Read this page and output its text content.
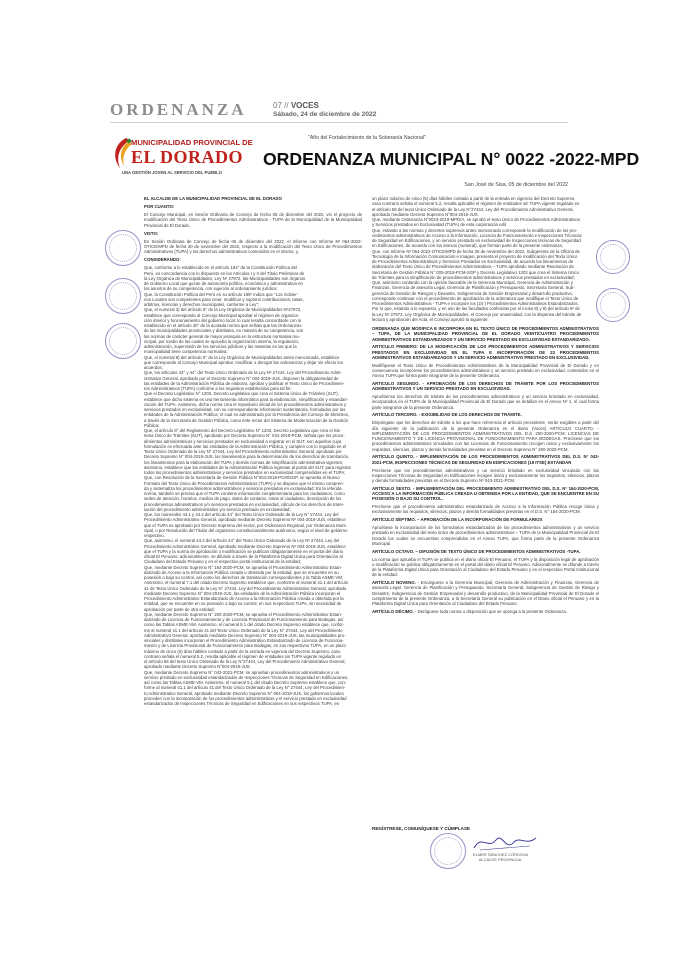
ORDENANZA	07 // VOCES
Sábado, 24 de diciembre de 2022
MUNICIPALIDAD PROVINCIAL DE
EL DORADO
UNA GESTIÓN JOVEN AL SERVICIO DEL PUEBLO
"Año del Fortalecimiento de la Soberanía Nacional"
ORDENANZA MUNICIPAL N° 0022 -2022-MPD
San José de Sisa, 05 de diciembre del 2022

EL ALCALDE DE LA MUNICIPALIDAD PROVINCIAL DE EL DORADO

POR CUANTO:

El Concejo Municipal, en Sesión Ordinaria de Concejo de fecha 05 de diciembre del 2022, vio el proyecto de modificación del Texto Único de Procedimientos Administrativos - TUPA de la Municipalidad de la Municipalidad Provincial de El Dorado.

VISTO:

En Sesión Ordinaria de Concejo de fecha 05 de diciembre del 2022, el Informe con Informe Nº 064-2022-OTICE/MPD de fecha 30 de noviembre del 2022, respecto a la modificación del Texto Único de Procedimientos Administrativos (TUPA) y los derechos administrativos contenidos en el mismo, y,

CONSIDERANDO:

Que, conforme a lo establecido en el artículo 194° de la Constitución Política del
Perú, en concordancia con lo dispuesto en los Artículos I y II del Título Preliminar de
la Ley Orgánica de Municipalidades, Ley Nº 27972, las Municipalidades son órganos
de Gobierno Local que gozan de autonomía política, económica y administrativa en
los asuntos de su competencia, con sujeción al ordenamiento jurídico;
Que, la Constitución Política del Perú en su artículo 195º indica que "Los Gobier-
nos Locales son competentes para crear, modificar y suprimir contribuciones, tasas,
arbitrios, licencias y derechos municipales, conforme a Ley";
Que, el numeral 3) del artículo 9° de la Ley Orgánica de Municipalidades Nº27972,
establece que corresponde al Concejo Municipal aprobar el régimen de organiza-
ción interior y funcionamiento del gobierno local; lo cual resulta concordante con lo
establecido en el artículo 40° de la acotada norma que señala que las Ordenanzas
de las municipalidades provinciales y distritales, en materia de su competencia, son
las normas de carácter general de mayor jerarquía en la estructura normativa mu-
nicipal, por medio de las cuales se aprueba la organización interna, la regulación,
administración, supervisión de los servicios públicos y las materias en las que la
municipalidad tiene competencia normativa;
Que, el numeral 8) del artículo 9° de la Ley Orgánica de Municipalidades antes mencionada, establece
que corresponde al Concejo Municipal aprobar, modificar o derogar las ordenanzas y dejar sin efecto los
acuerdos;
Que, los artículos 43° y 44° del Texto Único Ordenado de la Ley Nº 27444, Ley del Procedimiento Admi-
nistrativo General, aprobado por el Decreto Supremo N° 004-2019-JUS, disponen la obligatoriedad de
las entidades de la Administración Pública de elaborar, aprobar y publicar el Texto Único de Procedimien-
tos Administrativos (TUPA) conforme a los requisitos establecidos para tal fin;
Que el Decreto Legislativo N° 1203, Decreto Legislativo que crea el Sistema Único de Trámites (SUT),
establece que dicho sistema es una herramienta informática para la elaboración, simplificación y estandari-
zación del TUPA. Asimismo, dicha norma crea el repositorio oficial de los procedimientos administrativos y
servicios prestados en exclusividad, con su correspondiente información sustentatoria, formulados por las
entidades de la Administración Pública; el cual es administrado por la Presidencia del Consejo de Ministros,
a través de la Secretaría de Gestión Pública, como ente rector del Sistema de Modernización de la Gestión
Pública;
Que, el artículo 8° del Reglamento del Decreto Legislativo N° 1203, Decreto Legislativo que crea el Sis-
tema Único de Trámites (SUT), aprobado por Decreto Supremo N° 031-2018-PCM, señala que los proce-
dimientos administrativos y servicios prestados en exclusividad a registrar en el SUT, son aquellos cuya
formulación es efectuada ante las entidades de la Administración Pública, y cumplen con lo regulado en el
Texto Único Ordenado de la Ley N° 27444, Ley del Procedimiento Administrativo General, aprobado por
Decreto Supremo N° 004-2019-JUS, los lineamientos para la determinación de los derechos de tramitación,
los lineamientos para la elaboración del TUPA y demás normas de simplificación administrativa vigentes;
asimismo, establece que las entidades de la Administración Pública ingresan al portal del SUT, para registrar
todos los procedimientos administrativos y servicios prestados en exclusividad comprendidos en el TUPA;
Que, con Resolución de la Secretaría de Gestión Pública N°004-2018-PCM/SGP, se aprueba el Nuevo
Formato del Texto Único de Procedimientos Administrativos (TUPA) y se dispone que el mismo compren-
da y sistematiza los procedimientos administrativos y servicios prestados en exclusividad; En la referida
norma, también se precisa que el TUPA contiene información complementaria para los ciudadanos, como
sedes de atención, horarios, medios de pago, datos de contacto, notas al ciudadano, descripción de los
procedimientos administrativos y/o servicios prestados en exclusividad, cálculo de los derechos de trami-
tación del procedimiento administrativo y/o servicio prestado en exclusividad;
Que, los numerales 44.1 y 44.2 del artículo 44° del Texto Único Ordenado de la Ley N° 27444, Ley del
Procedimiento Administrativo General, aprobado mediante Decreto Supremo Nº 004-2019-JUS, establece
que el TUPA es aprobado por Decreto Supremo del sector, por Ordenanza Regional, por Ordenanza Muni-
cipal, o por Resolución del Titular del organismo constitucionalmente autónomo, según el nivel de gobierno
respectivo.
Que, asimismo, el numeral 44.3 del artículo 44° del Texto Único Ordenado de la Ley Nº 27444, Ley del
Procedimiento Administrativo General, aprobado mediante Decreto Supremo Nº 004-2019-JUS, establece
que el TUPA y la norma de aprobación o modificación se publican obligatoriamente en el portal del diario
oficial El Peruano; adicionalmente, se difunde a través de la Plataforma Digital Única para Orientación al
Ciudadano del Estado Peruano y en el respectivo portal institucional de la entidad;
Que, mediante Decreto Supremo N° 164-2020-PCM, se aprueba el Procedimiento Administrativo Estan-
darizado de Acceso a la Información Pública creada u obtenida por la entidad, que se encuentre en su
posesión o bajo su control, así como los derechos de tramitación correspondientes y la Tabla ASME-VM;
Asimismo, el numeral 7.1 del citado Decreto Supremo establece que, conforme al numeral 41.1 del artículo
41 de Texto Único Ordenado de la Ley N° 27444, Ley del Procedimiento Administrativo General, aprobado
mediante Decreto Supremo N° 004-2019-JUS, las entidades de la Administración Pública incorporan el
Procedimiento Administrativo Estandarizado de Acceso a la Información Pública creada u obtenida por la
entidad, que se encuentre en su posesión o bajo su control, en sus respectivos TUPA, sin necesidad de
aprobación por parte de otra entidad;
Que, mediante Decreto Supremo N° 200-2020-PCM, se aprueba el Procedimiento Administrativo Estan-
darizado de Licencia de Funcionamiento y de Licencia Provisional de Funcionamiento para Bodegas, así
como las Tablas ASME-VM. Asimismo, el numeral 5.1 del citado Decreto Supremo establece que, confor-
me al numeral 41.1 del artículo 41 del Texto Único Ordenado de la Ley N° 27444, Ley del Procedimiento
Administrativo General, aprobado mediante Decreto Supremo N° 004-2019-JUS, las municipalidades pro-
vinciales y distritales incorporan el Procedimiento Administrativo Estandarizado de Licencia de Funciona-
miento y de Licencia Provisional de Funcionamiento para Bodegas, en sus respectivos TUPA, en un plazo
máximo de cinco (5) días hábiles contado a partir de la entrada en vigencia del Decreto Supremo, caso
contrario señala el numeral 5.2, resulta aplicable el régimen de entidades sin TUPA vigente regulado en
el artículo 58 del texto Único Ordenado de la Ley N°27444, Ley del Procedimiento Administrativo General,
aprobado mediante Decreto Supremo N°004-2019-JUS.
Que, mediante Decreto Supremo N° 043-2021-PCM, se aprueban procedimientos administrativos y un
servicio prestado en exclusividad estandarizados de Inspecciones Técnicas de Seguridad en Edificaciones,
así como las Tablas ASME-VM. Asimismo, el numeral 5.1 del citado Decreto Supremo establece que, con-
forme al numeral 41.1 del artículo 41 del Texto Único Ordenado de la Ley N° 27444, Ley del Procedimien-
to Administrativo General, aprobado mediante Decreto Supremo N° 004-2019-JUS, los gobiernos locales
proceden con la incorporación de los procedimientos administrativos y el servicio prestado en exclusividad
estandarizados de Inspecciones Técnicas de Seguridad en Edificaciones en sus respectivos TUPA, en
un plazo máximo de cinco (5) días hábiles contado a partir de la entrada en vigencia del Decreto Supremo,
caso contrario señala el numeral 5.2, resulta aplicable el régimen de entidades sin TUPA vigente regulado en
el artículo 58 del texto Único Ordenado de la Ley N°27444, Ley del Procedimiento Administrativo General,
aprobado mediante Decreto Supremo N°004-2019-JUS.
Que, mediante Ordenanza N°0023-2019-MPD/A, se aprobó el texto Único de Procedimientos Administrativos
y Servicios prestados en Exclusividad (TUPA) de esta corporación edil.
Que, estando a las normas y decretos supremos antes mencionado corresponde la modificación de los pro-
cedimientos administrativos de Acceso a la Información, Licencia de Funcionamiento e Inspecciones Técnicas
de Seguridad en Edificaciones, y un servicio prestado en exclusividad de Inspecciones técnicas de Seguridad
en Edificaciones, de acuerdo con los anexos (numeral), que forman parte de la presente ordenanza;
Que, con Informe Nº 064-2022-OTICE/MPD de fecha 30 de noviembre del 2022, Subgerente de la Oficina de
Tecnología de la Información Comunicación e Imagen, presenta el proyecto de modificación del Texto Único
de Procedimientos Administrativos y Servicios Prestados en Exclusividad, de acuerdo los lineamientos de
elaboración del Texto Único de Procedimientos Administrativos – TUPA aprobado mediante Resolución de
Secretaría de Gestión Pública N° 005-2018-PCM-SGP y Decreto Legislativo 1203 que crea el Sistema Único
de Trámites para la simplificación de procedimientos administrativos y servicios prestados en exclusividad;
Que, asimismo contando con la opinión favorable de la Gerencia Municipal, Gerencia de Administración y
Finanzas, Gerencia de asesoría Legal, Gerencia de Planificación y Presupuesto, Secretaría General, Sub-
gerencia de Gestión de Riesgos y Desastre, Subgerencia de Gestión Empresarial y desarrollo productivo,
corresponde continuar con el procedimiento de aprobación de la ordenanza que modifique el Texto Único de
Procedimientos Administrativos - TUPA e incorpore los (24 ) Procedimientos Administrativos Estandarizados.
Por lo que, estando a lo expuesto, y en uso de las facultades conferidas por el inciso 8) y 9) del artículo 9º de
la Ley Nº 27972, Ley Orgánica de Municipalidades, el Concejo por unanimidad, con la dispensa del trámite de
lectura y aprobación del Acta, el Concejo aprobó la siguiente:

ORDENANZA QUE MODIFICA E INCORPORA EN EL TEXTO ÚNICO DE PROCEDIMIENTOS ADMINISTRATIVOS – TUPA, DE LA MUNICIPALIDAD PROVINCIAL DE EL DORADO VEINTICUATRO PROCEDIMIENTOS ADMINISTRATIVOS ESTANDARIZADOS Y UN SERVICIO PRESTADO EN EXCLUSIVIDAD ESTANDARIZADO.

ARTICULO PRIMERO: DE LA MODIFICACIÓN DE LOS PROCEDIMIENTOS ADMINISTRATIVOS Y SERVICIOS PRESTADOS EN EXCLUSIVIDAD EN EL TUPA E INCORPORACIÓN DE 23 PROCEDIMIENTOS ADMINISTRATIVOS ESTANDARIZADOS Y UN SERVICIO ADMINISTRATIVO PRESTADO EN EXCLUSIVIDAD.

Modifíquese el Texto Único de Procedimientos Administrativos de la Municipalidad Provincial de El Dorado y en consecuencia incorpórese los procedimientos administrativos y un servicio prestado en exclusividad, contenidos en el Anexo TUPA que forma parte integrante de la presente Ordenanza.

ARTICULO SEGUNDO. - APROBACIÓN DE LOS DERECHOS DE TRÁMITE POR LOS PROCEDIMIENTOS ADMINISTRATIVOS Y UN SERVICIO PRESTADO EN EXCLUSIVIDAD.

Apruébense los derechos de trámite de los procedimientos administrativos y un servicio brindado en exclusividad, incorporados en el TUPA de la Municipalidad Provincial de El Dorado que se detallan en el Anexo Nº 1, el cual forma parte integrante de la presente Ordenanza.

ARTÍCULO TERCERO. - EXIGIBILIDAD DE LOS DERECHOS DE TRÁMITE.

Dispóngase que los derechos de trámite a los que hace referencia el artículo precedente, serán exigibles a partir del día siguiente de la publicación de la presente Ordenanza en el diario (Voces) ARTÍCULO CUARTO. - IMPLEMENTACIÓN DE LOS PROCEDIMIENTOS ADMINISTRATIVOS DEL D.S. 200-2020-PCM: LICENCIAS DE FUNCIONAMIENTO Y DE LICENCIA PROVISIONAL DE FUNCIONAMIENTO PARA BODEGAS. Precísese que los procedimientos administrativos vinculados con las Licencias de Funcionamiento recogen única y exclusivamente los requisitos, silencios, plazos y demás formalidades previstas en el Decreto Supremo N° 200-2020-PCM.

ARTÍCULO QUINTO. - IMPLEMENTACIÓN DE LOS PROCEDIMIENTOS ADMINISTRATIVOS DEL D.S. N° 043-2021-PCM, INSPECCIONES TÉCNICAS DE SEGURIDAD EN EDIFICACIONES (19 ITSE) ESTÁNDAR

Precísese que los procedimientos administrativos y un servicio brindado en exclusividad vinculado con las Inspecciones Técnicas de Seguridad en Edificaciones recogen única y exclusivamente los requisitos, silencios, plazos y demás formalidades previstas en el Decreto Supremo Nº 043-2021-PCM.

ARTÍCULO SEXTO. - IMPLEMENTACIÓN DEL PROCEDIMIENTO ADMINISTRATIVO DEL D.S. N° 164-2020-PCM, ACCESO A LA INFORMACIÓN PÚBLICA CREADA U OBTENIDA POR LA ENTIDAD, QUE SE ENCUENTRE EN SU POSESIÓN O BAJO SU CONTROL.

Precísese que el procedimiento administrativo estandarizado de Acceso a la Información Pública recoge única y exclusivamente los requisitos, silencios, plazos y demás formalidades previstas en el D.S. N° 164-2020-PCM.

ARTÍCULO SÉPTIMO. – APROBACIÓN DE LA INCORPORACIÓN DE FORMULARIOS

Apruébese la incorporación de los formularios estandarizados de los procedimientos administrativos y un servicio prestado en exclusividad del texto único de procedimientos administrativos – TUPA de la Municipalidad Provincial de El Dorado los cuales se encuentran comprendidos en el Anexo TUPA, que forma parte de la presente Ordenanza Municipal.

ARTÍCULO OCTAVO. – DIFUSIÓN DE TEXTO ÚNICO DE PROCEDIMIENTOS ADMINISTRATIVOS -TUPA.

La norma que aprueba el TUPA se publica en el diario oficial El Peruano; el TUPA y la disposición legal de aprobación o modificación se publica obligatoriamente en el portal del diario oficial El Peruano. Adicionalmente se difunde a través de la Plataforma Digital Única para Orientación al Ciudadano del Estado Peruano y en el respectivo Portal Institucional de la entidad.

ARTÍCULO NOVENO. - Encárguese a la Gerencia Municipal, Gerencia de Administración y Finanzas, Gerencia de asesoría Legal, Gerencia de Planificación y Presupuesto, Secretaría General, Subgerencia de Gestión de Riesgo y Desastre, Subgerencia de Gestión Empresarial y desarrollo productivo, de la Municipalidad Provincial de El Dorado el cumplimiento de la presente Ordenanza, a la Secretaría General su publicación en el Diario oficial el Peruano y en la Plataforma Digital Única para Orientación al Ciudadano del Estado Peruano.

ARTÍCULO DÉCIMO. - Deróguese toda norma o disposición que se oponga a la presente Ordenanza.

REGÍSTRESE, COMUNÍQUESE Y CÚMPLASE
ELMER SÁNCHEZ CÓRDOVA
ALCALDE PROVINCIAL
